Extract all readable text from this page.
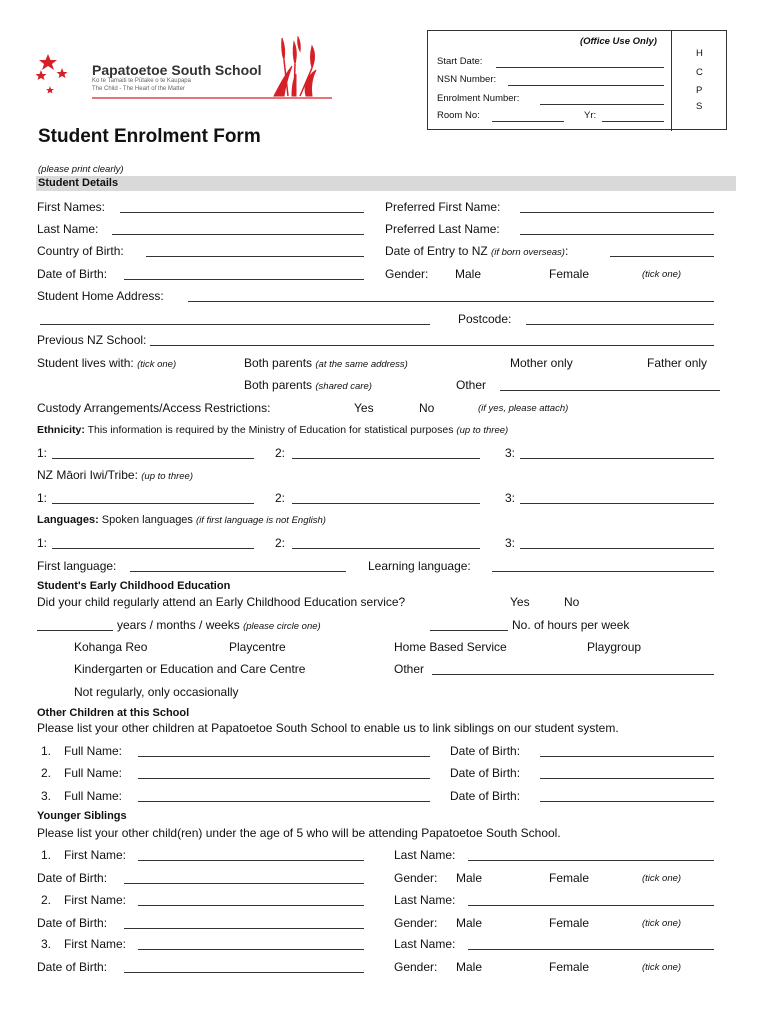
Papatoetoe South School
Ko te Tamaiti te Pūtake o te Kaupapa
The Child - The Heart of the Matter
(Office Use Only)
Start Date:
NSN Number:
Enrolment Number:
Room No:	Yr:
H
C
P
S
Student Enrolment Form
(please print clearly)
Student Details
First Names:	Preferred First Name:
Last Name:	Preferred Last Name:
Country of Birth:	Date of Entry to NZ (if born overseas):
Date of Birth:	Gender: Male	Female	(tick one)
Student Home Address:
Postcode:
Previous NZ School:
Student lives with: (tick one)	Both parents (at the same address)	Mother only	Father only
Both parents (shared care)	Other
Custody Arrangements/Access Restrictions:	Yes	No	(if yes, please attach)
Ethnicity: This information is required by the Ministry of Education for statistical purposes (up to three)
1:	2:	3:
NZ Māori Iwi/Tribe: (up to three)
1:	2:	3:
Languages: Spoken languages (if first language is not English)
1:	2:	3:
First language:	Learning language:
Student's Early Childhood Education
Did your child regularly attend an Early Childhood Education service?	Yes	No
years / months / weeks (please circle one)	No. of hours per week
Kohanga Reo	Playcentre	Home Based Service	Playgroup
Kindergarten or Education and Care Centre	Other
Not regularly, only occasionally
Other Children at this School
Please list your other children at Papatoetoe South School to enable us to link siblings on our student system.
1. Full Name:	Date of Birth:
2. Full Name:	Date of Birth:
3. Full Name:	Date of Birth:
Younger Siblings
Please list your other child(ren) under the age of 5 who will be attending Papatoetoe South School.
1. First Name:	Last Name:
Date of Birth:	Gender: Male	Female	(tick one)
2. First Name:	Last Name:
Date of Birth:	Gender: Male	Female	(tick one)
3. First Name:	Last Name:
Date of Birth:	Gender: Male	Female	(tick one)
